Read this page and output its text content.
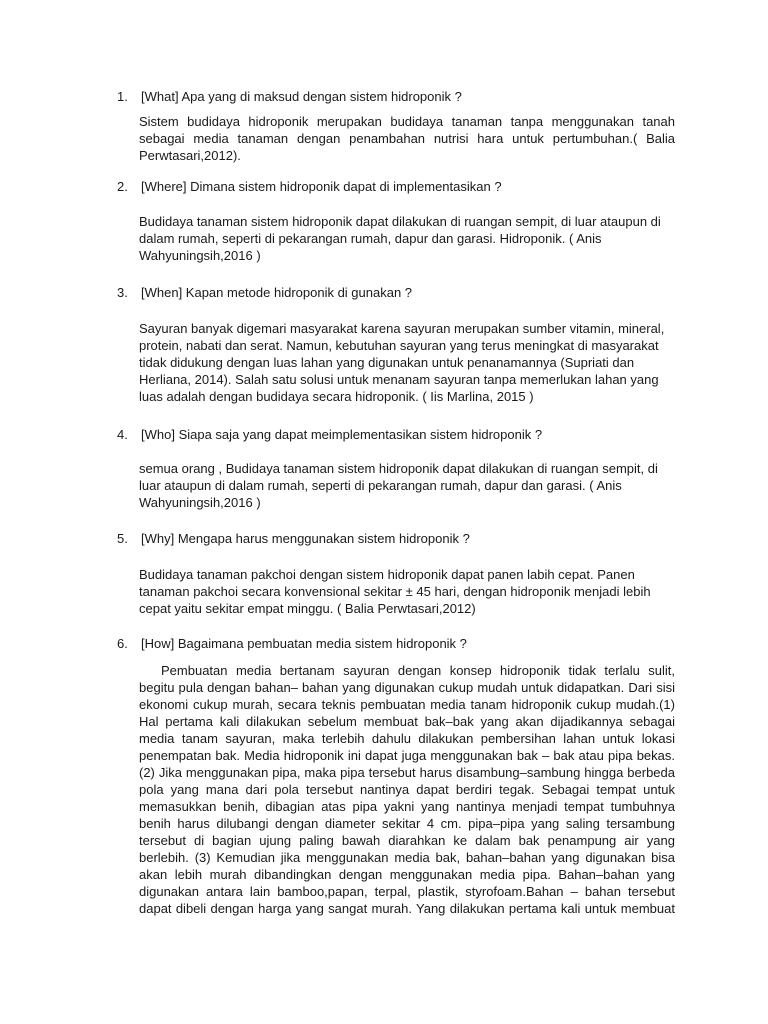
1. [What] Apa yang di maksud dengan sistem hidroponik ?
Sistem budidaya hidroponik merupakan budidaya tanaman tanpa menggunakan tanah
sebagai media tanaman dengan penambahan nutrisi hara untuk pertumbuhan.( Balia
Perwtasari,2012).
2. [Where] Dimana sistem hidroponik dapat di implementasikan ?
Budidaya tanaman sistem hidroponik dapat dilakukan di ruangan sempit, di luar ataupun di
dalam rumah, seperti di pekarangan rumah, dapur dan garasi. Hidroponik. ( Anis
Wahyuningsih,2016 )
3. [When] Kapan metode hidroponik di gunakan ?
Sayuran banyak digemari masyarakat karena sayuran merupakan sumber vitamin, mineral,
protein, nabati dan serat. Namun, kebutuhan sayuran yang terus meningkat di masyarakat
tidak didukung dengan luas lahan yang digunakan untuk penanamannya (Supriati dan
Herliana, 2014). Salah satu solusi untuk menanam sayuran tanpa memerlukan lahan yang
luas adalah dengan budidaya secara hidroponik. ( Iis Marlina, 2015 )
4. [Who] Siapa saja yang dapat meimplementasikan sistem hidroponik ?
semua orang , Budidaya tanaman sistem hidroponik dapat dilakukan di ruangan sempit, di
luar ataupun di dalam rumah, seperti di pekarangan rumah, dapur dan garasi. ( Anis
Wahyuningsih,2016 )
5. [Why] Mengapa harus menggunakan sistem hidroponik ?
Budidaya tanaman pakchoi dengan sistem hidroponik dapat panen labih cepat. Panen
tanaman pakchoi secara konvensional sekitar ± 45 hari, dengan hidroponik menjadi lebih
cepat yaitu sekitar empat minggu. ( Balia Perwtasari,2012)
6. [How] Bagaimana pembuatan media sistem hidroponik ?
Pembuatan media bertanam sayuran dengan konsep hidroponik tidak terlalu sulit,
begitu pula dengan bahan– bahan yang digunakan cukup mudah untuk didapatkan. Dari sisi
ekonomi cukup murah, secara teknis pembuatan media tanam hidroponik cukup mudah.(1)
Hal pertama kali dilakukan sebelum membuat bak–bak yang akan dijadikannya sebagai
media tanam sayuran, maka terlebih dahulu dilakukan pembersihan lahan untuk lokasi
penempatan bak. Media hidroponik ini dapat juga menggunakan bak – bak atau pipa bekas.
(2) Jika menggunakan pipa, maka pipa tersebut harus disambung–sambung hingga berbeda
pola yang mana dari pola tersebut nantinya dapat berdiri tegak. Sebagai tempat untuk
memasukkan benih, dibagian atas pipa yakni yang nantinya menjadi tempat tumbuhnya
benih harus dilubangi dengan diameter sekitar 4 cm. pipa–pipa yang saling tersambung
tersebut di bagian ujung paling bawah diarahkan ke dalam bak penampung air yang
berlebih. (3) Kemudian jika menggunakan media bak, bahan–bahan yang digunakan bisa
akan lebih murah dibandingkan dengan menggunakan media pipa. Bahan–bahan yang
digunakan antara lain bamboo,papan, terpal, plastik, styrofoam.Bahan – bahan tersebut
dapat dibeli dengan harga yang sangat murah. Yang dilakukan pertama kali untuk membuat
